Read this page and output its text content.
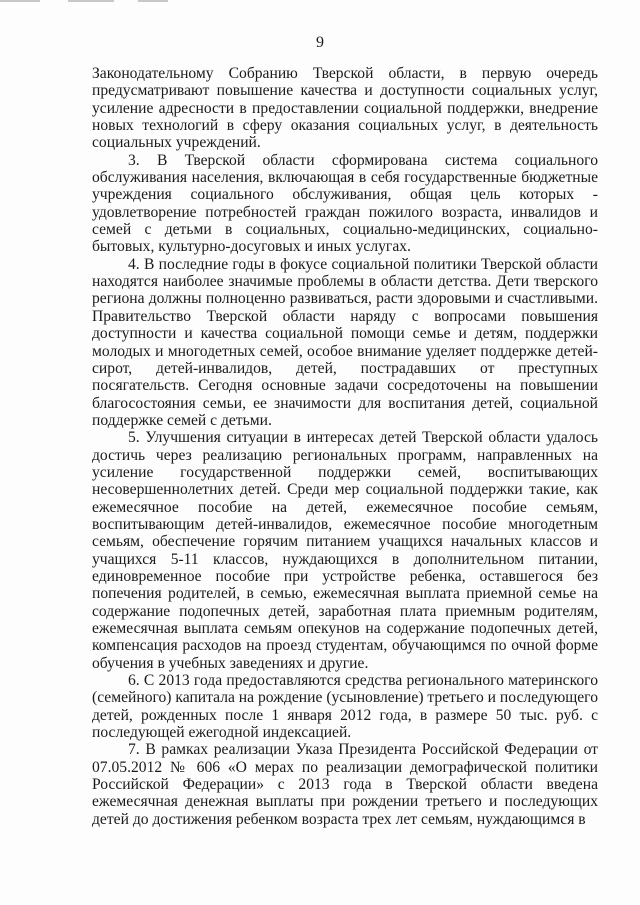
9

Законодательному Собранию Тверской области, в первую очередь предусматривают повышение качества и доступности социальных услуг, усиление адресности в предоставлении социальной поддержки, внедрение новых технологий в сферу оказания социальных услуг, в деятельность социальных учреждений.

3. В Тверской области сформирована система социального обслуживания населения, включающая в себя государственные бюджетные учреждения социального обслуживания, общая цель которых - удовлетворение потребностей граждан пожилого возраста, инвалидов и семей с детьми в социальных, социально-медицинских, социально-бытовых, культурно-досуговых и иных услугах.

4. В последние годы в фокусе социальной политики Тверской области находятся наиболее значимые проблемы в области детства. Дети тверского региона должны полноценно развиваться, расти здоровыми и счастливыми. Правительство Тверской области наряду с вопросами повышения доступности и качества социальной помощи семье и детям, поддержки молодых и многодетных семей, особое внимание уделяет поддержке детей-сирот, детей-инвалидов, детей, пострадавших от преступных посягательств. Сегодня основные задачи сосредоточены на повышении благосостояния семьи, ее значимости для воспитания детей, социальной поддержке семей с детьми.

5. Улучшения ситуации в интересах детей Тверской области удалось достичь через реализацию региональных программ, направленных на усиление государственной поддержки семей, воспитывающих несовершеннолетних детей. Среди мер социальной поддержки такие, как ежемесячное пособие на детей, ежемесячное пособие семьям, воспитывающим детей-инвалидов, ежемесячное пособие многодетным семьям, обеспечение горячим питанием учащихся начальных классов и учащихся 5-11 классов, нуждающихся в дополнительном питании, единовременное пособие при устройстве ребенка, оставшегося без попечения родителей, в семью, ежемесячная выплата приемной семье на содержание подопечных детей, заработная плата приемным родителям, ежемесячная выплата семьям опекунов на содержание подопечных детей, компенсация расходов на проезд студентам, обучающимся по очной форме обучения в учебных заведениях и другие.

6. С 2013 года предоставляются средства регионального материнского (семейного) капитала на рождение (усыновление) третьего и последующего детей, рожденных после 1 января 2012 года, в размере 50 тыс. руб. с последующей ежегодной индексацией.

7. В рамках реализации Указа Президента Российской Федерации от 07.05.2012 № 606 «О мерах по реализации демографической политики Российской Федерации» с 2013 года в Тверской области введена ежемесячная денежная выплаты при рождении третьего и последующих детей до достижения ребенком возраста трех лет семьям, нуждающимся в
